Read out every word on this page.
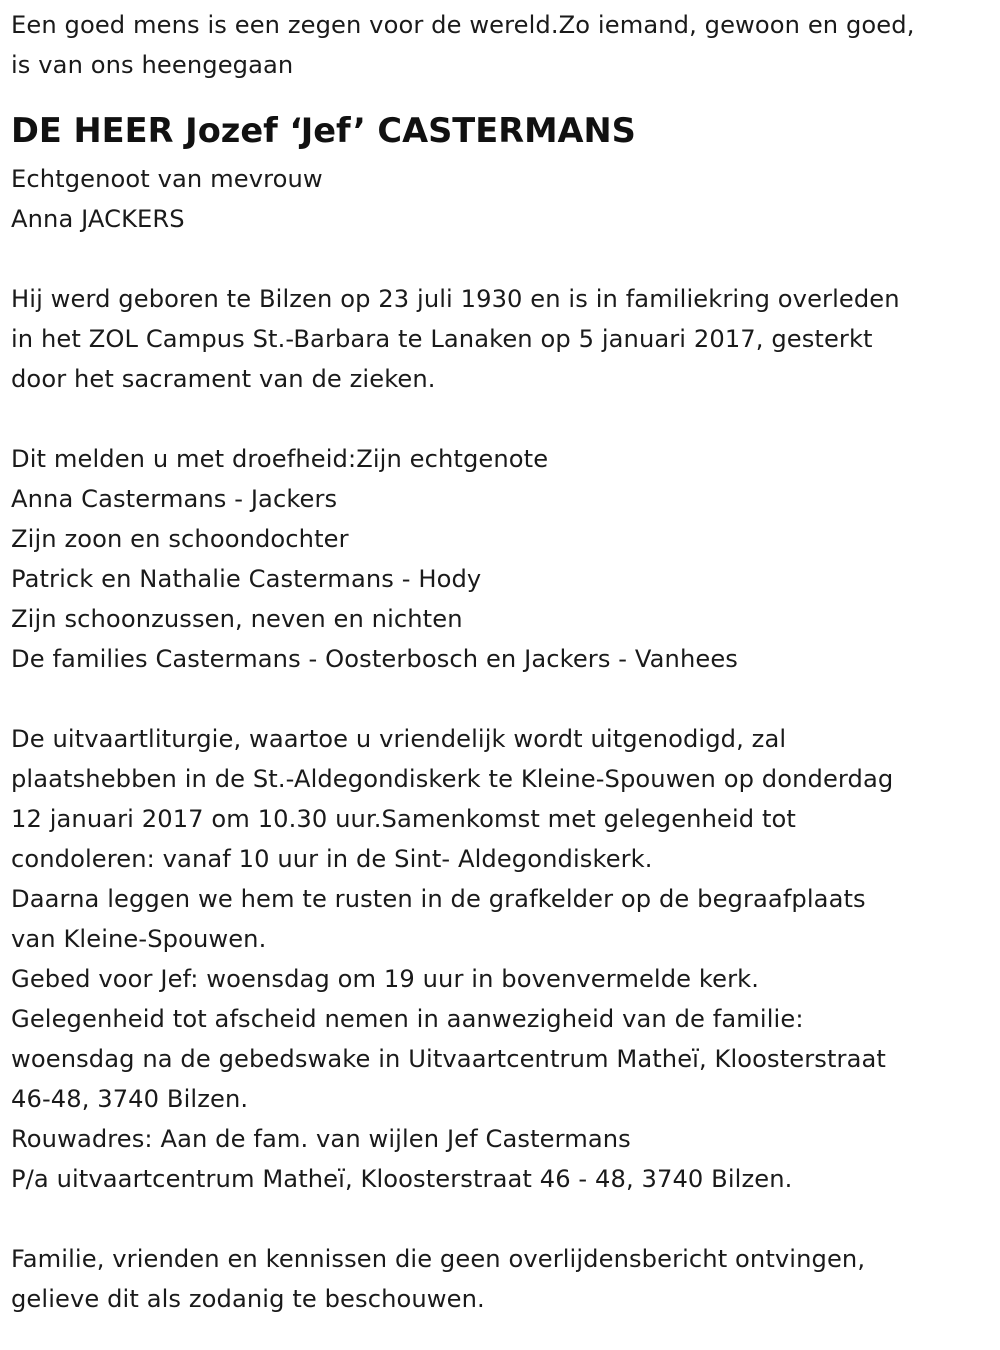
Een goed mens is een zegen voor de wereld.Zo iemand, gewoon en goed,
is van ons heengegaan
DE HEER Jozef ‘Jef’ CASTERMANS
Echtgenoot van mevrouw
Anna JACKERS
Hij werd geboren te Bilzen op 23 juli 1930 en is in familiekring overleden
in het ZOL Campus St.-Barbara te Lanaken op 5 januari 2017, gesterkt
door het sacrament van de zieken.
Dit melden u met droefheid:Zijn echtgenote
Anna Castermans - Jackers
Zijn zoon en schoondochter
Patrick en Nathalie Castermans - Hody
Zijn schoonzussen, neven en nichten
De families Castermans - Oosterbosch en Jackers - Vanhees
De uitvaartliturgie, waartoe u vriendelijk wordt uitgenodigd, zal
plaatshebben in de St.-Aldegondiskerk te Kleine-Spouwen op donderdag
12 januari 2017 om 10.30 uur.Samenkomst met gelegenheid tot
condoleren: vanaf 10 uur in de Sint- Aldegondiskerk.
Daarna leggen we hem te rusten in de grafkelder op de begraafplaats
van Kleine-Spouwen.
Gebed voor Jef: woensdag om 19 uur in bovenvermelde kerk.
Gelegenheid tot afscheid nemen in aanwezigheid van de familie:
woensdag na de gebedswake in Uitvaartcentrum Matheï, Kloosterstraat
46-48, 3740 Bilzen.
Rouwadres: Aan de fam. van wijlen Jef Castermans
P/a uitvaartcentrum Matheï, Kloosterstraat 46 - 48, 3740 Bilzen.
Familie, vrienden en kennissen die geen overlijdensbericht ontvingen,
gelieve dit als zodanig te beschouwen.
